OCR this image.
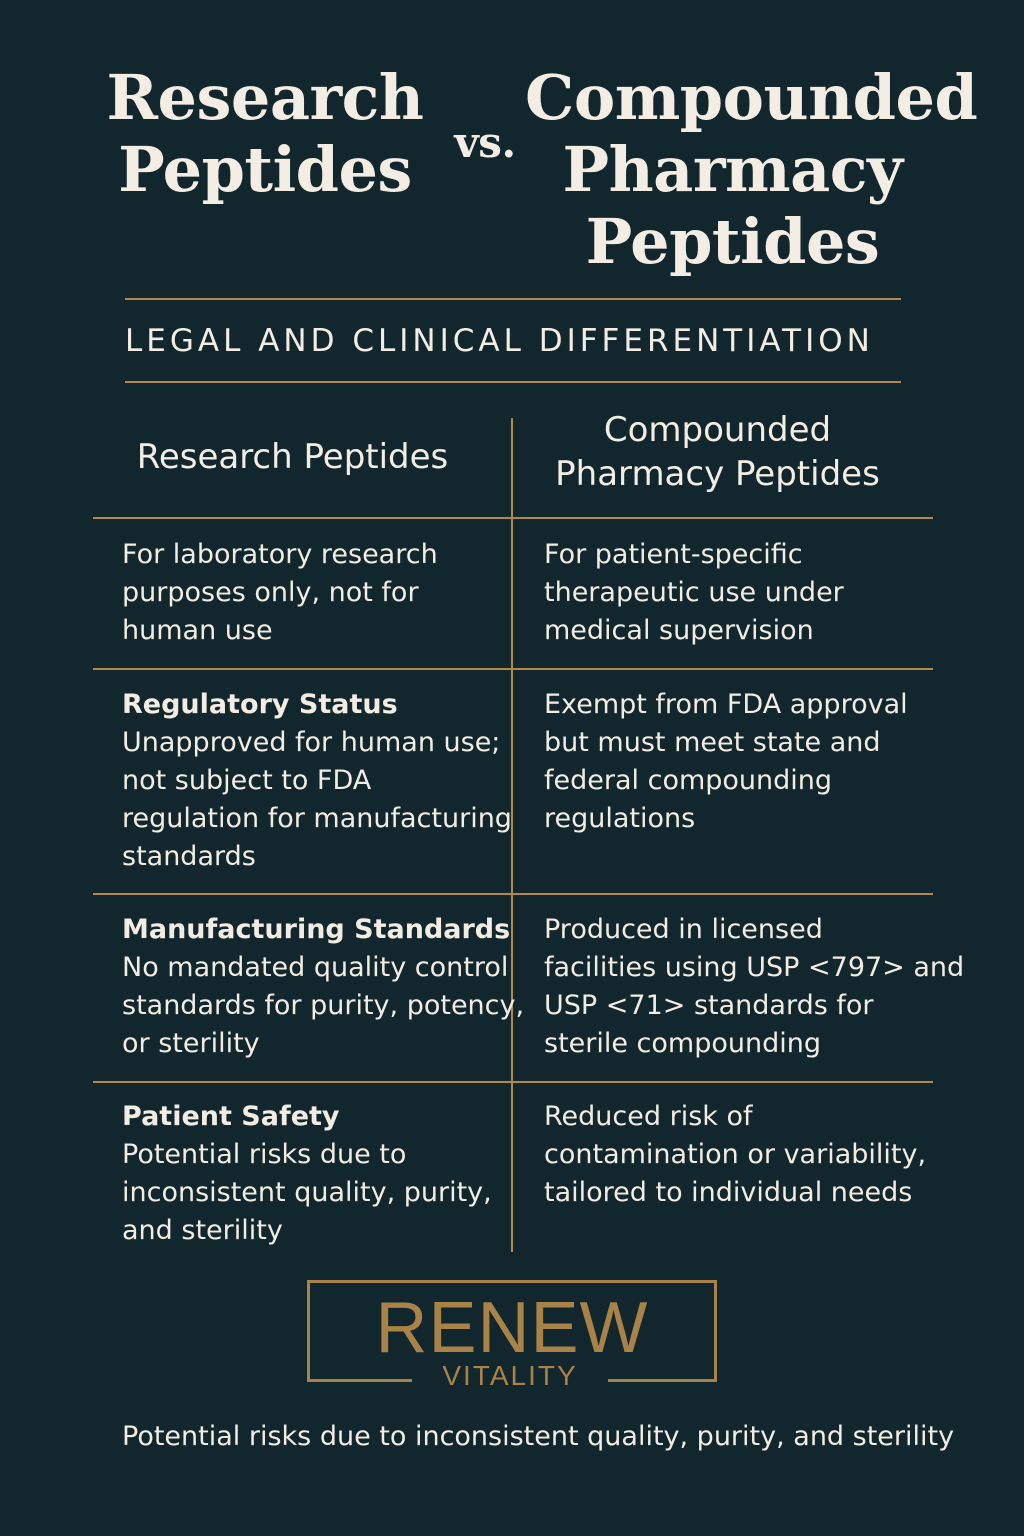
Research
Peptides	vs.
Compounded
Pharmacy
Peptides
LEGAL AND CLINICAL DIFFERENTIATION
Research Peptides
Compounded
Pharmacy Peptides
For laboratory research
purposes only, not for
human use
For patient-specific
therapeutic use under
medical supervision
Regulatory Status
Unapproved for human use;
not subject to FDA
regulation for manufacturing
standards
Exempt from FDA approval
but must meet state and
federal compounding
regulations
Manufacturing Standards
No mandated quality control
standards for purity, potency,
or sterility
Produced in licensed
facilities using USP <797> and
USP <71> standards for
sterile compounding
Patient Safety
Potential risks due to
inconsistent quality, purity,
and sterility
Reduced risk of
contamination or variability,
tailored to individual needs
RENEW
VITALITY
Potential risks due to inconsistent quality, purity, and sterility
